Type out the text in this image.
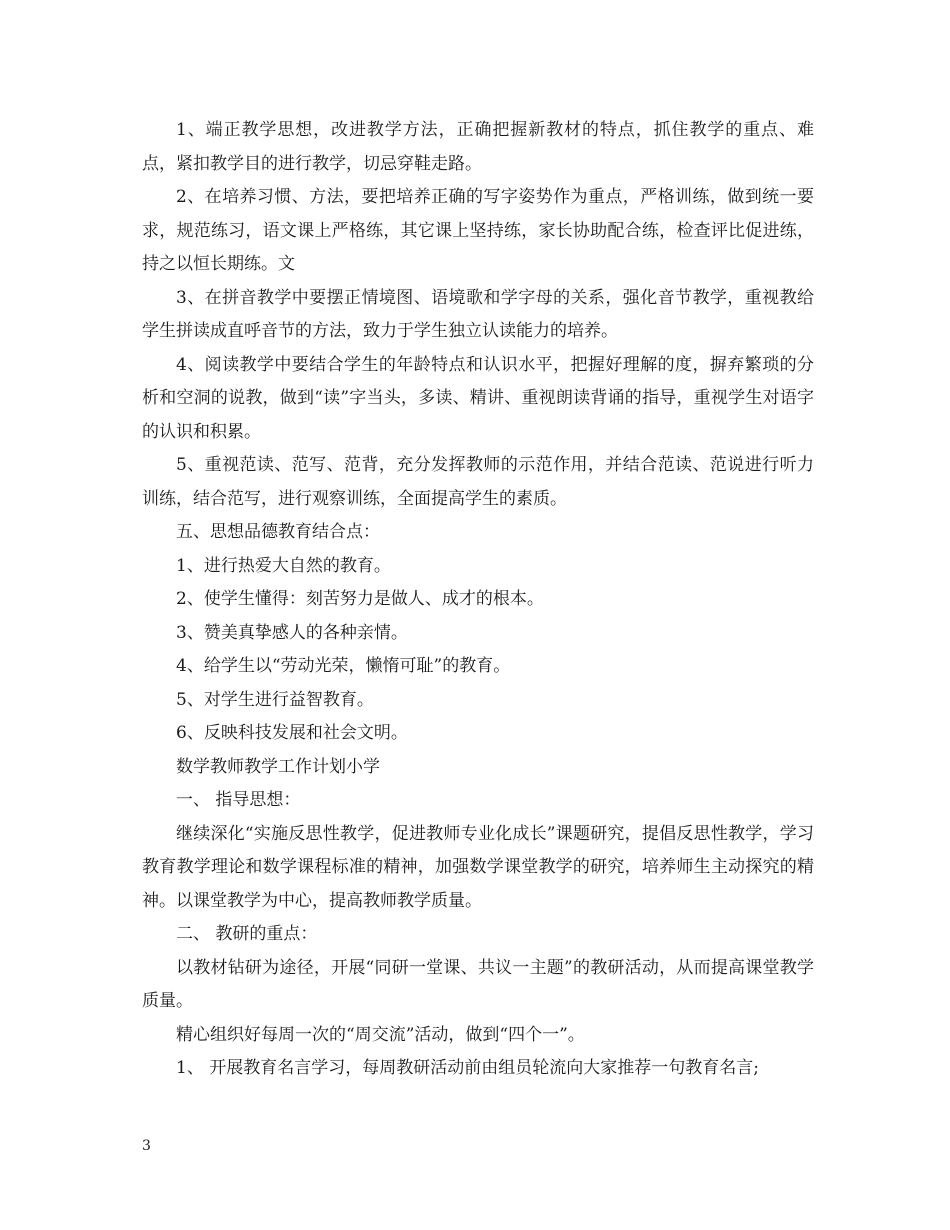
1、端正教学思想，改进教学方法，正确把握新教材的特点，抓住教学的重点、难点，紧扣教学目的进行教学，切忌穿鞋走路。

2、在培养习惯、方法，要把培养正确的写字姿势作为重点，严格训练，做到统一要求，规范练习，语文课上严格练，其它课上坚持练，家长协助配合练，检查评比促进练，持之以恒长期练。文

3、在拼音教学中要摆正情境图、语境歌和学字母的关系，强化音节教学，重视教给学生拼读成直呼音节的方法，致力于学生独立认读能力的培养。

4、阅读教学中要结合学生的年龄特点和认识水平，把握好理解的度，摒弃繁琐的分析和空洞的说教，做到“读”字当头，多读、精讲、重视朗读背诵的指导，重视学生对语字的认识和积累。

5、重视范读、范写、范背，充分发挥教师的示范作用，并结合范读、范说进行听力训练，结合范写，进行观察训练，全面提高学生的素质。

五、思想品德教育结合点：

1、进行热爱大自然的教育。

2、使学生懂得：刻苦努力是做人、成才的根本。

3、赞美真挚感人的各种亲情。

4、给学生以“劳动光荣，懒惰可耻”的教育。

5、对学生进行益智教育。

6、反映科技发展和社会文明。

数学教师教学工作计划小学

一、 指导思想：

继续深化“实施反思性教学，促进教师专业化成长”课题研究，提倡反思性教学，学习教育教学理论和数学课程标准的精神，加强数学课堂教学的研究，培养师生主动探究的精神。以课堂教学为中心，提高教师教学质量。

二、 教研的重点：

以教材钻研为途径，开展“同研一堂课、共议一主题”的教研活动，从而提高课堂教学质量。

精心组织好每周一次的“周交流”活动，做到“四个一”。

1、 开展教育名言学习，每周教研活动前由组员轮流向大家推荐一句教育名言;

3
